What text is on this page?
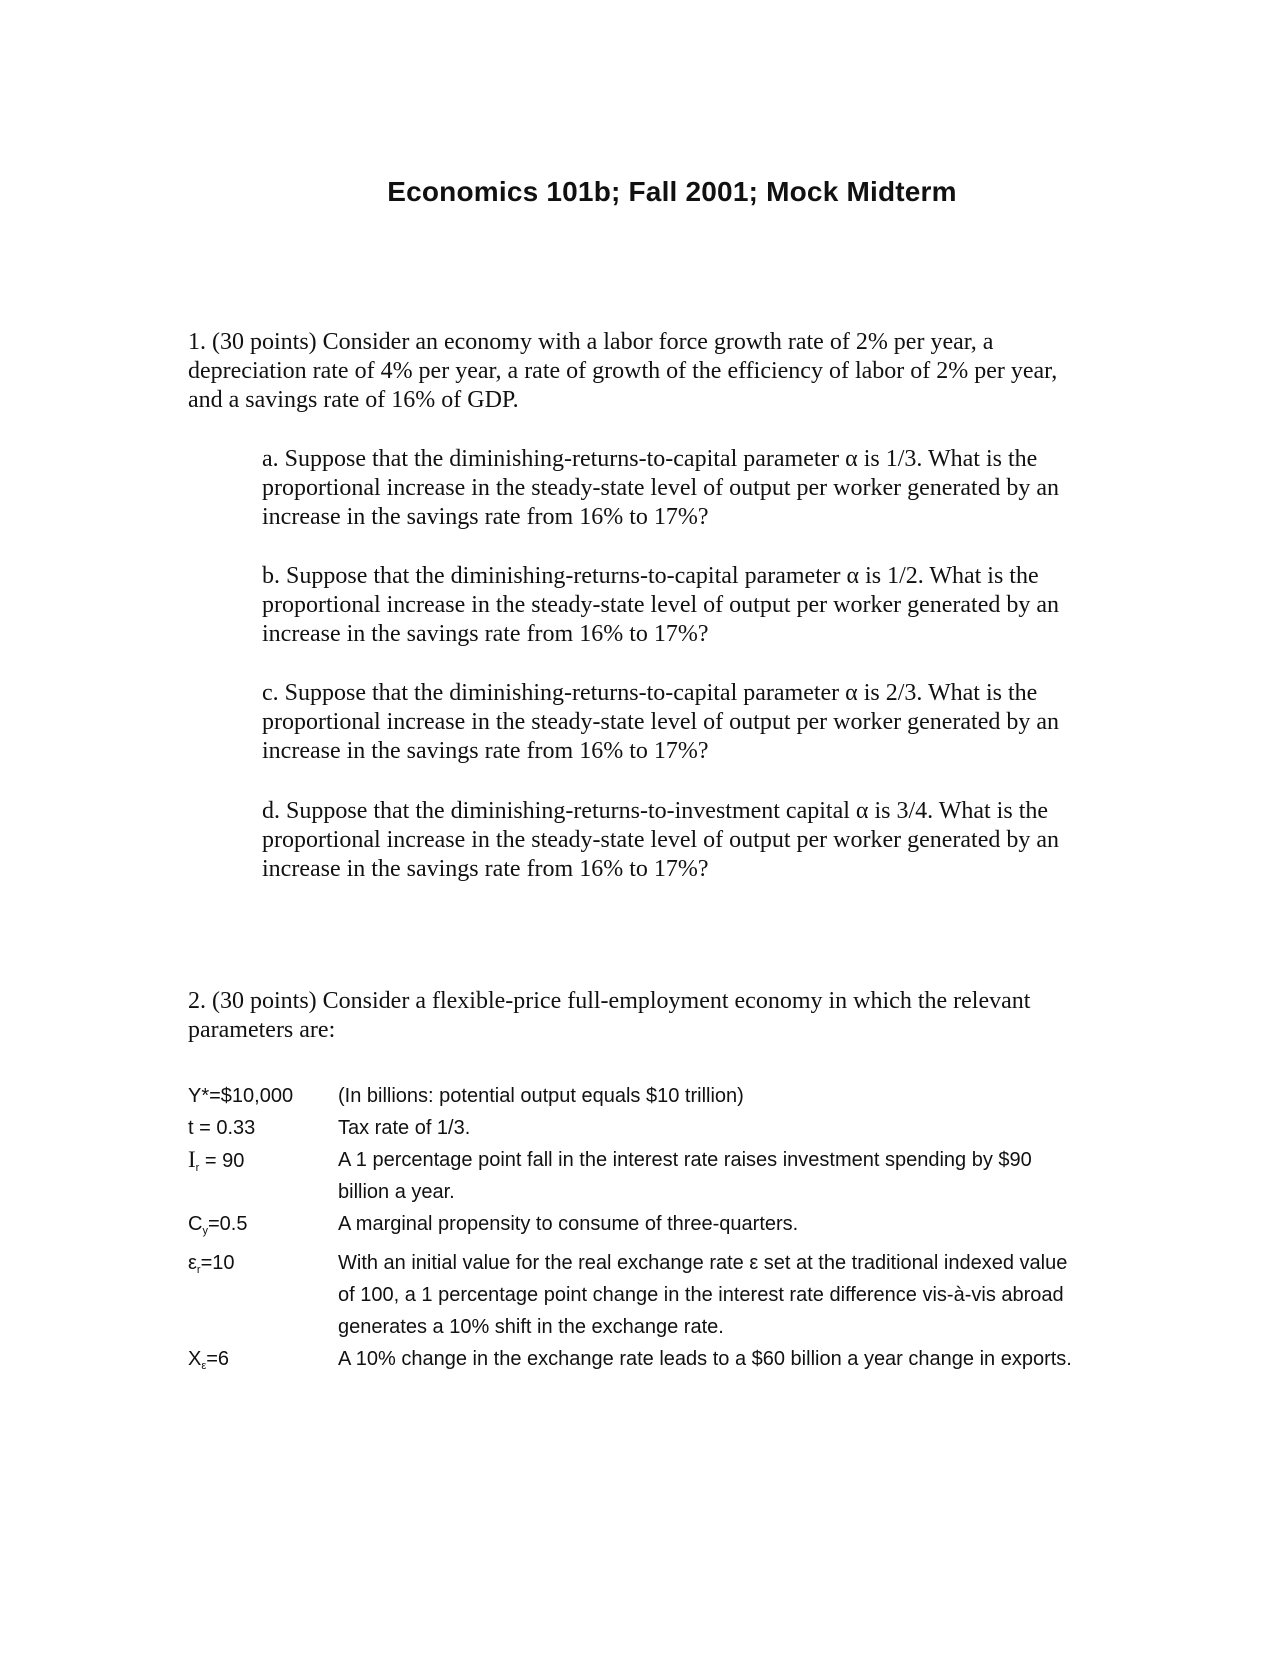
Economics 101b; Fall 2001; Mock Midterm

1. (30 points) Consider an economy with a labor force growth rate of 2% per year, a depreciation rate of 4% per year, a rate of growth of the efficiency of labor of 2% per year, and a savings rate of 16% of GDP.

a. Suppose that the diminishing-returns-to-capital parameter α is 1/3. What is the proportional increase in the steady-state level of output per worker generated by an increase in the savings rate from 16% to 17%?

b. Suppose that the diminishing-returns-to-capital parameter α is 1/2. What is the proportional increase in the steady-state level of output per worker generated by an increase in the savings rate from 16% to 17%?

c. Suppose that the diminishing-returns-to-capital parameter α is 2/3. What is the proportional increase in the steady-state level of output per worker generated by an increase in the savings rate from 16% to 17%?

d. Suppose that the diminishing-returns-to-investment capital α is 3/4. What is the proportional increase in the steady-state level of output per worker generated by an increase in the savings rate from 16% to 17%?

2. (30 points) Consider a flexible-price full-employment economy in which the relevant parameters are:

Y*=$10,000	(In billions: potential output equals $10 trillion)
t = 0.33	Tax rate of 1/3.
$I_r = 90$	A 1 percentage point fall in the interest rate raises investment spending by $90 billion a year.
$C_y=0.5$	A marginal propensity to consume of three-quarters.
$\varepsilon_r=10$	With an initial value for the real exchange rate ε set at the traditional indexed value of 100, a 1 percentage point change in the interest rate difference vis-à-vis abroad generates a 10% shift in the exchange rate.
$X_\varepsilon=6$	A 10% change in the exchange rate leads to a $60 billion a year change in exports.
